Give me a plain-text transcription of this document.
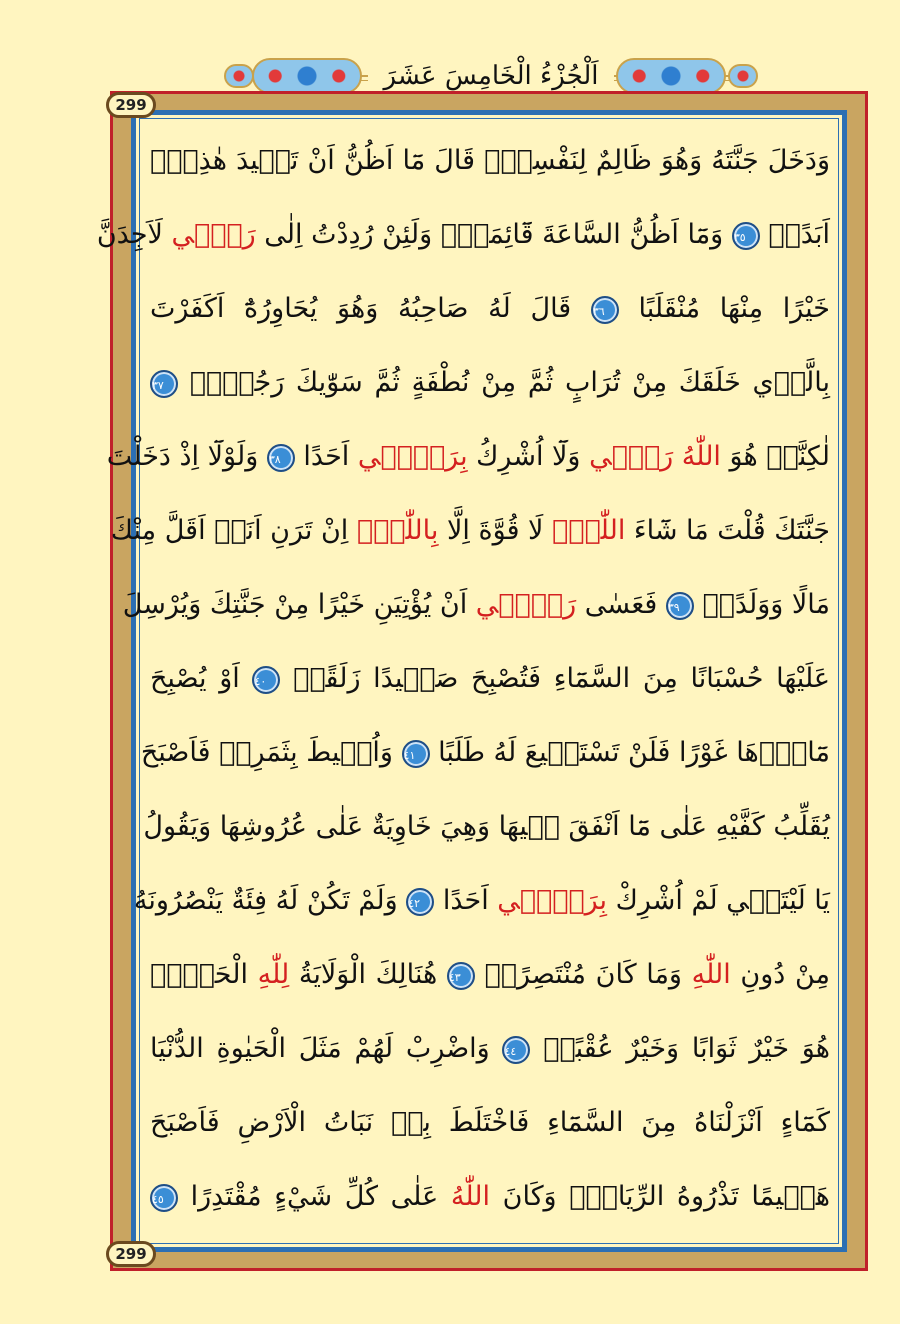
اَلْجُزْءُ الْخَامِسَ عَشَرَ
299
299
وَدَخَلَ جَنَّتَهُ وَهُوَ ظَالِمٌ لِنَفْسِهٖۚ قَالَ مَٓا اَظُنُّ اَنْ تَب۪يدَ هٰذِهٖٓ
اَبَدًاۙ ٣٥ وَمَٓا اَظُنُّ السَّاعَةَ قَٓائِمَةًۙ وَلَئِنْ رُدِدْتُ اِلٰى رَبّ۪ي لَاَجِدَنَّ
خَيْرًا مِنْهَا مُنْقَلَبًا ٣٦ قَالَ لَهُ صَاحِبُهُ وَهُوَ يُحَاوِرُهُٓ اَكَفَرْتَ
بِالَّذ۪ي خَلَقَكَ مِنْ تُرَابٍ ثُمَّ مِنْ نُطْفَةٍ ثُمَّ سَوّٰيكَ رَجُلًاۜ ٣٧
لٰكِنَّا۬ هُوَ اللّٰهُ رَبّ۪ي وَلَٓا اُشْرِكُ بِرَبّ۪ٓي اَحَدًا ٣٨ وَلَوْلَٓا اِذْ دَخَلْتَ
جَنَّتَكَ قُلْتَ مَا شَٓاءَ اللّٰهُۙ لَا قُوَّةَ اِلَّا بِاللّٰهِۚ اِنْ تَرَنِ اَنَا۬ اَقَلَّ مِنْكَ
مَالًا وَوَلَدًاۚ ٣٩ فَعَسٰى رَبّ۪ٓي اَنْ يُؤْتِيَنِ خَيْرًا مِنْ جَنَّتِكَ وَيُرْسِلَ
عَلَيْهَا حُسْبَانًا مِنَ السَّمَٓاءِ فَتُصْبِحَ صَع۪يدًا زَلَقًاۙ ٤٠ اَوْ يُصْبِحَ
مَٓاؤُ۬هَا غَوْرًا فَلَنْ تَسْتَط۪يعَ لَهُ طَلَبًا ٤١ وَاُح۪يطَ بِثَمَرِه۪ فَاَصْبَحَ
يُقَلِّبُ كَفَّيْهِ عَلٰى مَٓا اَنْفَقَ ف۪يهَا وَهِيَ خَاوِيَةٌ عَلٰى عُرُوشِهَا وَيَقُولُ
يَا لَيْتَن۪ي لَمْ اُشْرِكْ بِرَبّ۪ٓي اَحَدًا ٤٢ وَلَمْ تَكُنْ لَهُ فِئَةٌ يَنْصُرُونَهُ
مِنْ دُونِ اللّٰهِ وَمَا كَانَ مُنْتَصِرًاۜ ٤٣ هُنَالِكَ الْوَلَايَةُ لِلّٰهِ الْحَقِّۜ
هُوَ خَيْرٌ ثَوَابًا وَخَيْرٌ عُقْبًاۣ ٤٤ وَاضْرِبْ لَهُمْ مَثَلَ الْحَيٰوةِ الدُّنْيَا
كَمَٓاءٍ اَنْزَلْنَاهُ مِنَ السَّمَٓاءِ فَاخْتَلَطَ بِه۪ نَبَاتُ الْاَرْضِ فَاَصْبَحَ
هَش۪يمًا تَذْرُوهُ الرِّيَاحُۜ وَكَانَ اللّٰهُ عَلٰى كُلِّ شَيْءٍ مُقْتَدِرًا ٤٥
